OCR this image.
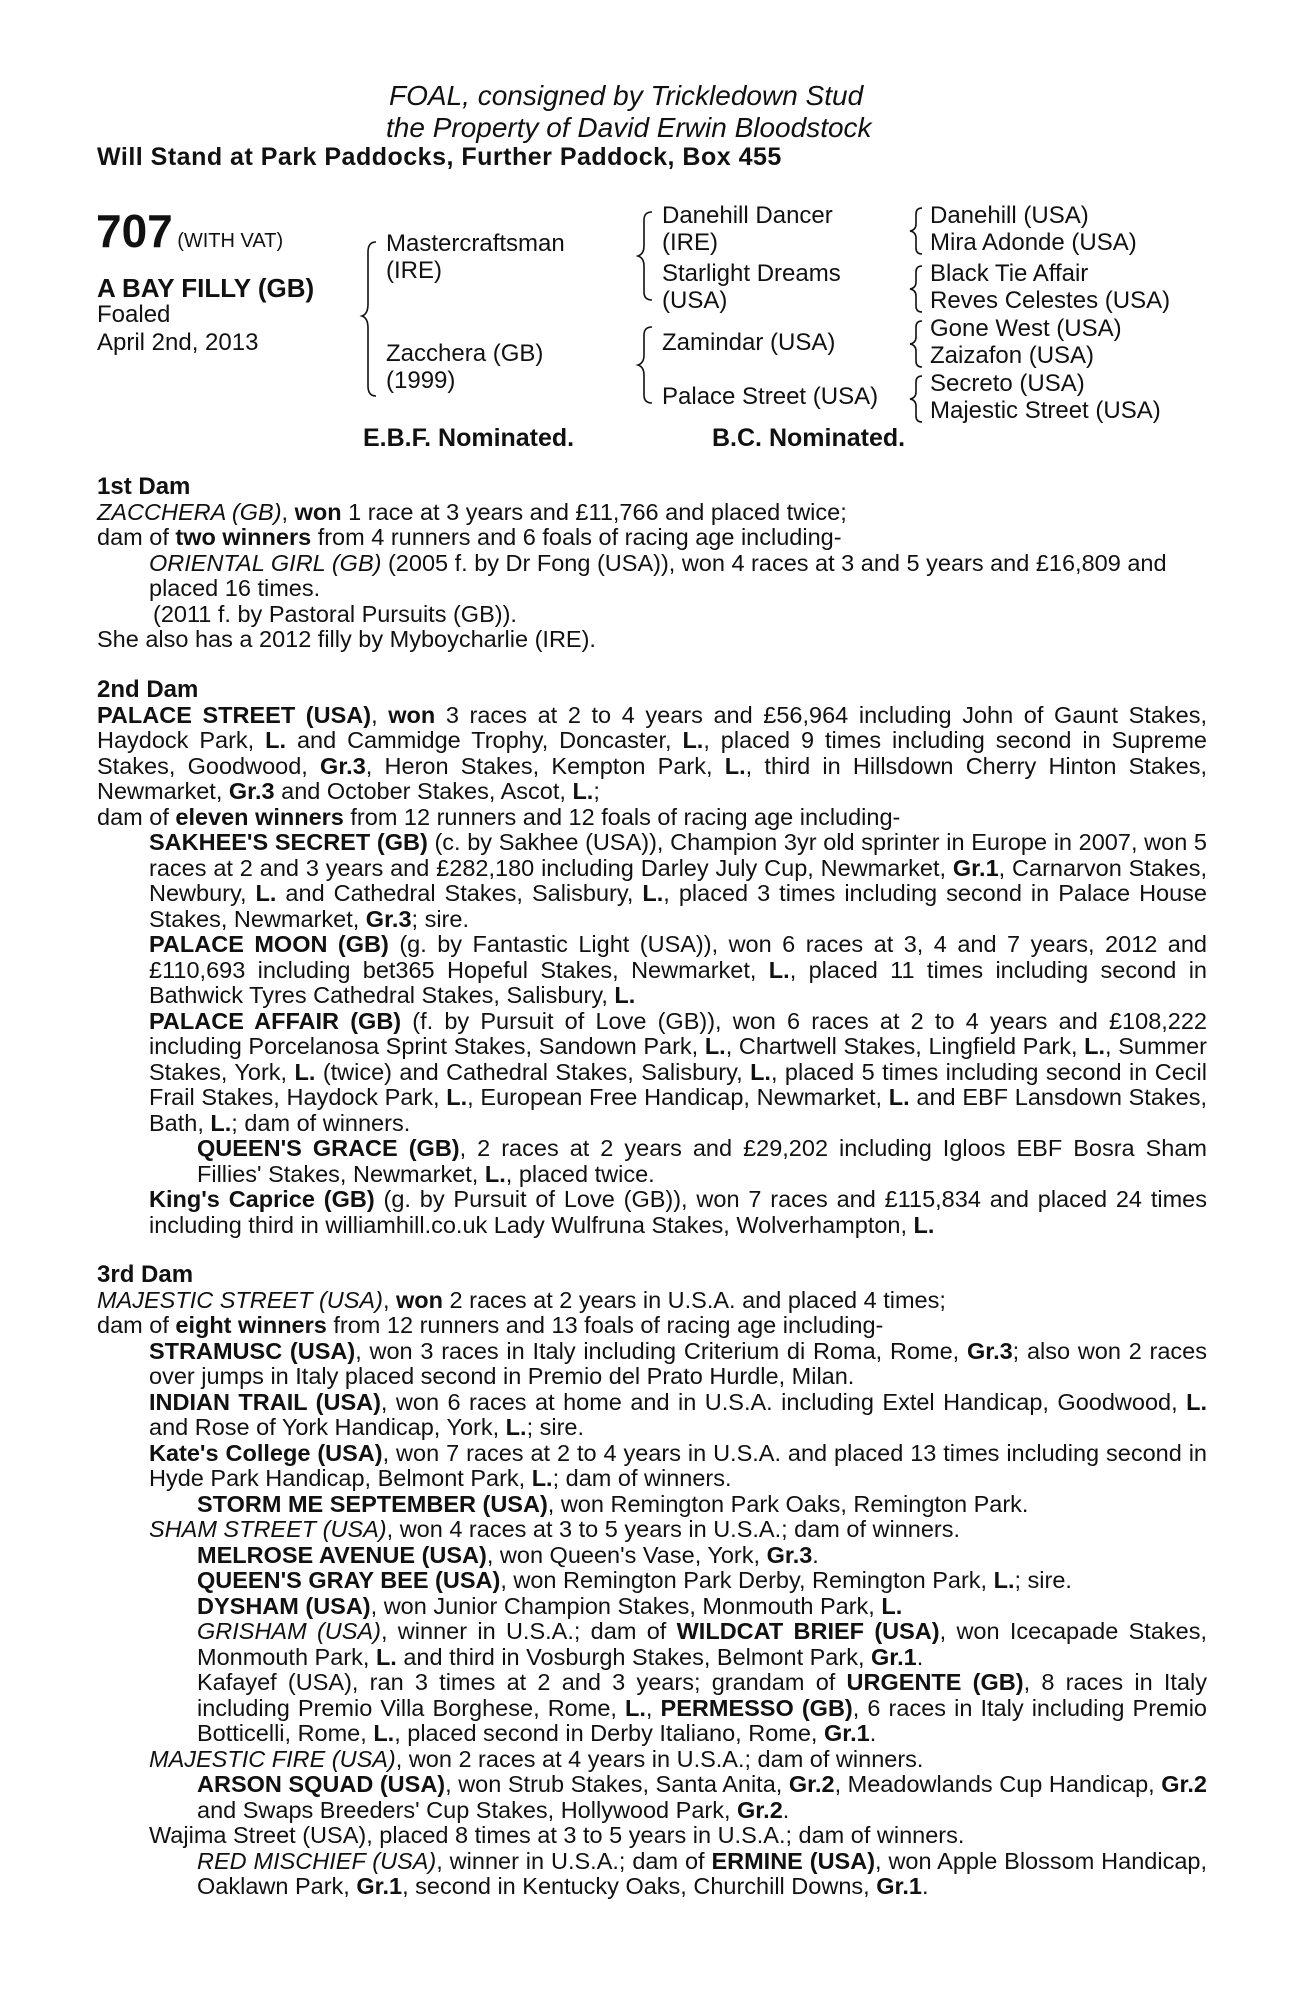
FOAL, consigned by Trickledown Stud
the Property of David Erwin Bloodstock
Will Stand at Park Paddocks, Further Paddock, Box 455
707 (WITH VAT)
A BAY FILLY (GB)
Foaled
April 2nd, 2013
Mastercraftsman
(IRE)
Zacchera (GB)
(1999)
Danehill Dancer
(IRE)
Starlight Dreams
(USA)
Zamindar (USA)
Palace Street (USA)
Danehill (USA)
Mira Adonde (USA)
Black Tie Affair
Reves Celestes (USA)
Gone West (USA)
Zaizafon (USA)
Secreto (USA)
Majestic Street (USA)
E.B.F. Nominated.	B.C. Nominated.

1st Dam

ZACCHERA (GB), won 1 race at 3 years and £11,766 and placed twice;

dam of two winners from 4 runners and 6 foals of racing age including-

ORIENTAL GIRL (GB) (2005 f. by Dr Fong (USA)), won 4 races at 3 and 5 years and £16,809 and placed 16 times.

(2011 f. by Pastoral Pursuits (GB)).

She also has a 2012 filly by Myboycharlie (IRE).

2nd Dam

PALACE STREET (USA), won 3 races at 2 to 4 years and £56,964 including John of Gaunt Stakes, Haydock Park, L. and Cammidge Trophy, Doncaster, L., placed 9 times including second in Supreme Stakes, Goodwood, Gr.3, Heron Stakes, Kempton Park, L., third in Hillsdown Cherry Hinton Stakes, Newmarket, Gr.3 and October Stakes, Ascot, L.;

dam of eleven winners from 12 runners and 12 foals of racing age including-

SAKHEE'S SECRET (GB) (c. by Sakhee (USA)), Champion 3yr old sprinter in Europe in 2007, won 5 races at 2 and 3 years and £282,180 including Darley July Cup, Newmarket, Gr.1, Carnarvon Stakes, Newbury, L. and Cathedral Stakes, Salisbury, L., placed 3 times including second in Palace House Stakes, Newmarket, Gr.3; sire.

PALACE MOON (GB) (g. by Fantastic Light (USA)), won 6 races at 3, 4 and 7 years, 2012 and £110,693 including bet365 Hopeful Stakes, Newmarket, L., placed 11 times including second in Bathwick Tyres Cathedral Stakes, Salisbury, L.

PALACE AFFAIR (GB) (f. by Pursuit of Love (GB)), won 6 races at 2 to 4 years and £108,222 including Porcelanosa Sprint Stakes, Sandown Park, L., Chartwell Stakes, Lingfield Park, L., Summer Stakes, York, L. (twice) and Cathedral Stakes, Salisbury, L., placed 5 times including second in Cecil Frail Stakes, Haydock Park, L., European Free Handicap, Newmarket, L. and EBF Lansdown Stakes, Bath, L.; dam of winners.

QUEEN'S GRACE (GB), 2 races at 2 years and £29,202 including Igloos EBF Bosra Sham Fillies' Stakes, Newmarket, L., placed twice.

King's Caprice (GB) (g. by Pursuit of Love (GB)), won 7 races and £115,834 and placed 24 times including third in williamhill.co.uk Lady Wulfruna Stakes, Wolverhampton, L.

3rd Dam

MAJESTIC STREET (USA), won 2 races at 2 years in U.S.A. and placed 4 times;

dam of eight winners from 12 runners and 13 foals of racing age including-

STRAMUSC (USA), won 3 races in Italy including Criterium di Roma, Rome, Gr.3; also won 2 races over jumps in Italy placed second in Premio del Prato Hurdle, Milan.

INDIAN TRAIL (USA), won 6 races at home and in U.S.A. including Extel Handicap, Goodwood, L. and Rose of York Handicap, York, L.; sire.

Kate's College (USA), won 7 races at 2 to 4 years in U.S.A. and placed 13 times including second in Hyde Park Handicap, Belmont Park, L.; dam of winners.

STORM ME SEPTEMBER (USA), won Remington Park Oaks, Remington Park.

SHAM STREET (USA), won 4 races at 3 to 5 years in U.S.A.; dam of winners.

MELROSE AVENUE (USA), won Queen's Vase, York, Gr.3.

QUEEN'S GRAY BEE (USA), won Remington Park Derby, Remington Park, L.; sire.

DYSHAM (USA), won Junior Champion Stakes, Monmouth Park, L.

GRISHAM (USA), winner in U.S.A.; dam of WILDCAT BRIEF (USA), won Icecapade Stakes, Monmouth Park, L. and third in Vosburgh Stakes, Belmont Park, Gr.1.

Kafayef (USA), ran 3 times at 2 and 3 years; grandam of URGENTE (GB), 8 races in Italy including Premio Villa Borghese, Rome, L., PERMESSO (GB), 6 races in Italy including Premio Botticelli, Rome, L., placed second in Derby Italiano, Rome, Gr.1.

MAJESTIC FIRE (USA), won 2 races at 4 years in U.S.A.; dam of winners.

ARSON SQUAD (USA), won Strub Stakes, Santa Anita, Gr.2, Meadowlands Cup Handicap, Gr.2 and Swaps Breeders' Cup Stakes, Hollywood Park, Gr.2.

Wajima Street (USA), placed 8 times at 3 to 5 years in U.S.A.; dam of winners.

RED MISCHIEF (USA), winner in U.S.A.; dam of ERMINE (USA), won Apple Blossom Handicap, Oaklawn Park, Gr.1, second in Kentucky Oaks, Churchill Downs, Gr.1.
